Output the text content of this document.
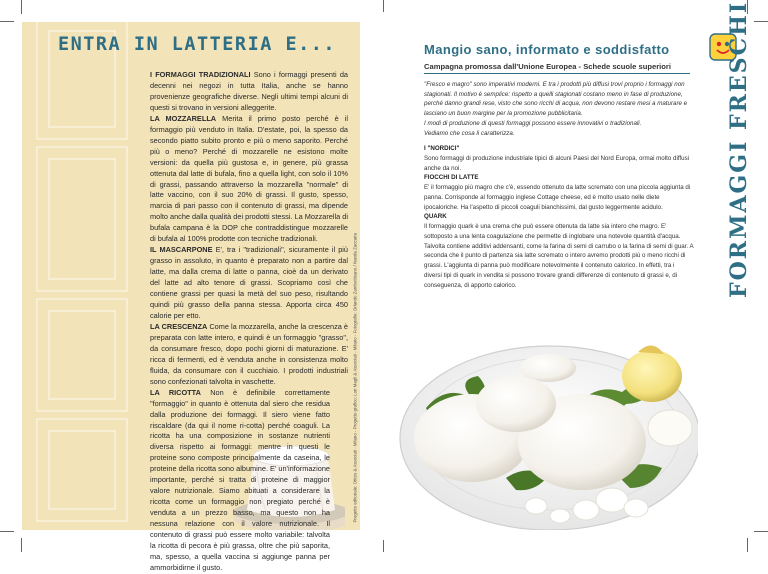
ENTRA IN LATTERIA E...

I FORMAGGI TRADIZIONALI Sono i formaggi presenti da decenni nei negozi in tutta Italia, anche se hanno provenienze geografiche diverse. Negli ultimi tempi alcuni di questi si trovano in versioni alleggerite.

LA MOZZARELLA Merita il primo posto perché è il formaggio più venduto in Italia. D'estate, poi, la spesso da secondo piatto subito pronto e più o meno saporito. Perché più o meno? Perché di mozzarelle ne esistono molte versioni: da quella più gustosa e, in genere, più grassa ottenuta dal latte di bufala, fino a quella light, con solo il 10% di grassi, passando attraverso la mozzarella "normale" di latte vaccino, con il suo 20% di grassi. Il gusto, spesso, marcia di pari passo con il contenuto di grassi, ma dipende molto anche dalla qualità dei prodotti stessi. La Mozzarella di bufala campana è la DOP che contraddistingue mozzarelle di bufala al 100% prodotte con tecniche tradizionali.

IL MASCARPONE E', tra i "tradizionali", sicuramente il più grasso in assoluto, in quanto è preparato non a partire dal latte, ma dalla crema di latte o panna, cioè da un derivato del latte ad alto tenore di grassi. Scopriamo così che contiene grassi per quasi la metà del suo peso, risultando quindi più grasso della panna stessa. Apporta circa 450 calorie per etto.

LA CRESCENZA Come la mozzarella, anche la crescenza è preparata con latte intero, e quindi è un formaggio "grasso", da consumare fresco, dopo pochi giorni di maturazione. E' ricca di fermenti, ed è venduta anche in consistenza molto fluida, da consumare con il cucchiaio. I prodotti industriali sono confezionati talvolta in vaschette.

LA RICOTTA Non è definibile correttamente "formaggio" in quanto è ottenuta dal siero che residua dalla produzione dei formaggi. Il siero viene fatto riscaldare (da qui il nome ri-cotta) perché coaguli. La ricotta ha una composizione in sostanze nutrienti diversa rispetto ai formaggi: mentre in questi le proteine sono composte principalmente da caseina, le proteine della ricotta sono albumine. E' un'informazione importante, perché si tratta di proteine di maggior valore nutrizionale. Siamo abituati a considerare la ricotta come un formaggio non pregiato perché è venduta a un prezzo basso, ma questo non ha nessuna relazione con il valore nutrizionale. Il contenuto di grassi può essere molto variabile: talvolta la ricotta di pecora è più grassa, oltre che più saporita, ma, spesso, a quella vaccina si aggiunge panna per ammorbidirne il gusto.

Progetto editoriale: Otttos & Associati - Milano - Progetto grafico: Lori Magli & Associati - Milano - Fotografie: Orlando Zambottisano / Nanda Zaccaria
Mangio sano, informato e soddisfatto
Campagna promossa dall'Unione Europea - Schede scuole superiori

"Fresco e magro" sono imperativi moderni. E tra i prodotti più diffusi troví proprio i formaggi non stagionati. Il motivo è semplice: rispetto a quelli stagionati costano meno in fase di produzione, perché danno grandi rese, visto che sono ricchi di acqua, non devono restare mesi a maturare e lasciano un buon margine per la promozione pubblicitaria.

I modi di produzione di questi formaggi possono essere innovativi o tradizionali.

Vediamo che cosa li caratterizza.

I "NORDICI"

Sono formaggi di produzione industriale tipici di alcuni Paesi del Nord Europa, ormai molto diffusi anche da noi.

FIOCCHI DI LATTE

E' il formaggio più magro che c'è, essendo ottenuto da latte scremato con una piccola aggiunta di panna. Corrisponde al formaggio inglese Cottage cheese, ed è molto usato nelle diete ipocaloriche. Ha l'aspetto di piccoli coaguli bianchissimi, dal gusto leggermente acidulo.

QUARK

Il formaggio quark è una crema che può essere ottenuta da latte sia intero che magro. E' sottoposto a una lenta coagulazione che permette di inglobare una notevole quantità d'acqua. Talvolta contiene additivi addensanti, come la farina di semi di carrubo o la farina di semi di guar. A seconda che il punto di partenza sia latte scremato o intero avremo prodotti più o meno ricchi di grassi. L'aggiunta di panna può modificare notevolmente il contenuto calorico. In effetti, tra i diversi tipi di quark in vendita si possono trovare grandi differenze di contenuto di grassi e, di conseguenza, di apporto calorico.	FORMAGGI FRESCHI
